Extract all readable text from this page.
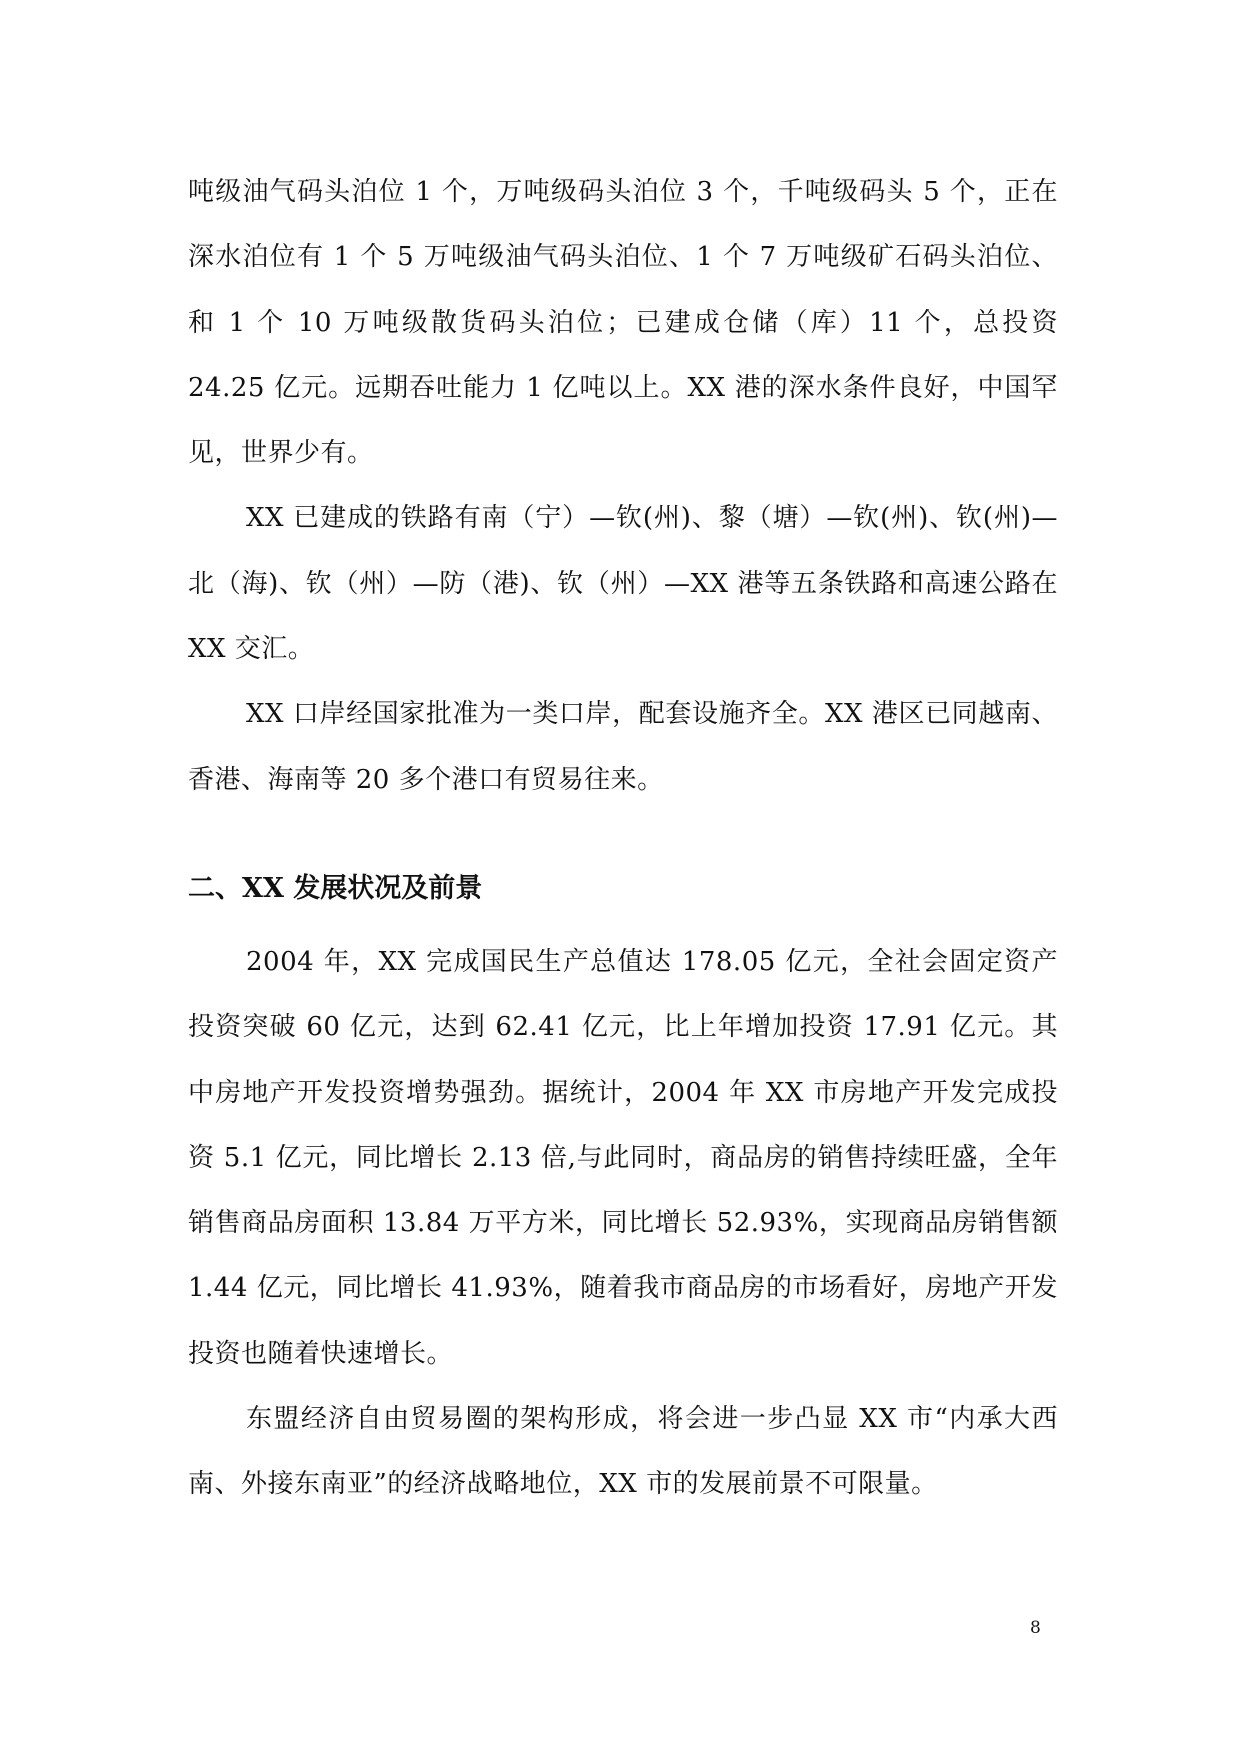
吨级油气码头泊位 1 个，万吨级码头泊位 3 个，千吨级码头 5 个，正在深水泊位有 1 个 5 万吨级油气码头泊位、1 个 7 万吨级矿石码头泊位、和 1 个 10 万吨级散货码头泊位；已建成仓储（库）11 个，总投资 24.25 亿元。远期吞吐能力 1 亿吨以上。XX 港的深水条件良好，中国罕见，世界少有。

XX 已建成的铁路有南（宁）—钦(州)、黎（塘）—钦(州)、钦(州)—北（海)、钦（州）—防（港)、钦（州）—XX 港等五条铁路和高速公路在 XX 交汇。

XX 口岸经国家批准为一类口岸，配套设施齐全。XX 港区已同越南、香港、海南等 20 多个港口有贸易往来。

二、XX 发展状况及前景

2004 年，XX 完成国民生产总值达 178.05 亿元，全社会固定资产投资突破 60 亿元，达到 62.41 亿元，比上年增加投资 17.91 亿元。其中房地产开发投资增势强劲。据统计，2004 年 XX 市房地产开发完成投资 5.1 亿元，同比增长 2.13 倍,与此同时，商品房的销售持续旺盛，全年销售商品房面积 13.84 万平方米，同比增长 52.93%，实现商品房销售额 1.44 亿元，同比增长 41.93%，随着我市商品房的市场看好，房地产开发投资也随着快速增长。

东盟经济自由贸易圈的架构形成，将会进一步凸显 XX 市“内承大西南、外接东南亚”的经济战略地位，XX 市的发展前景不可限量。

8
